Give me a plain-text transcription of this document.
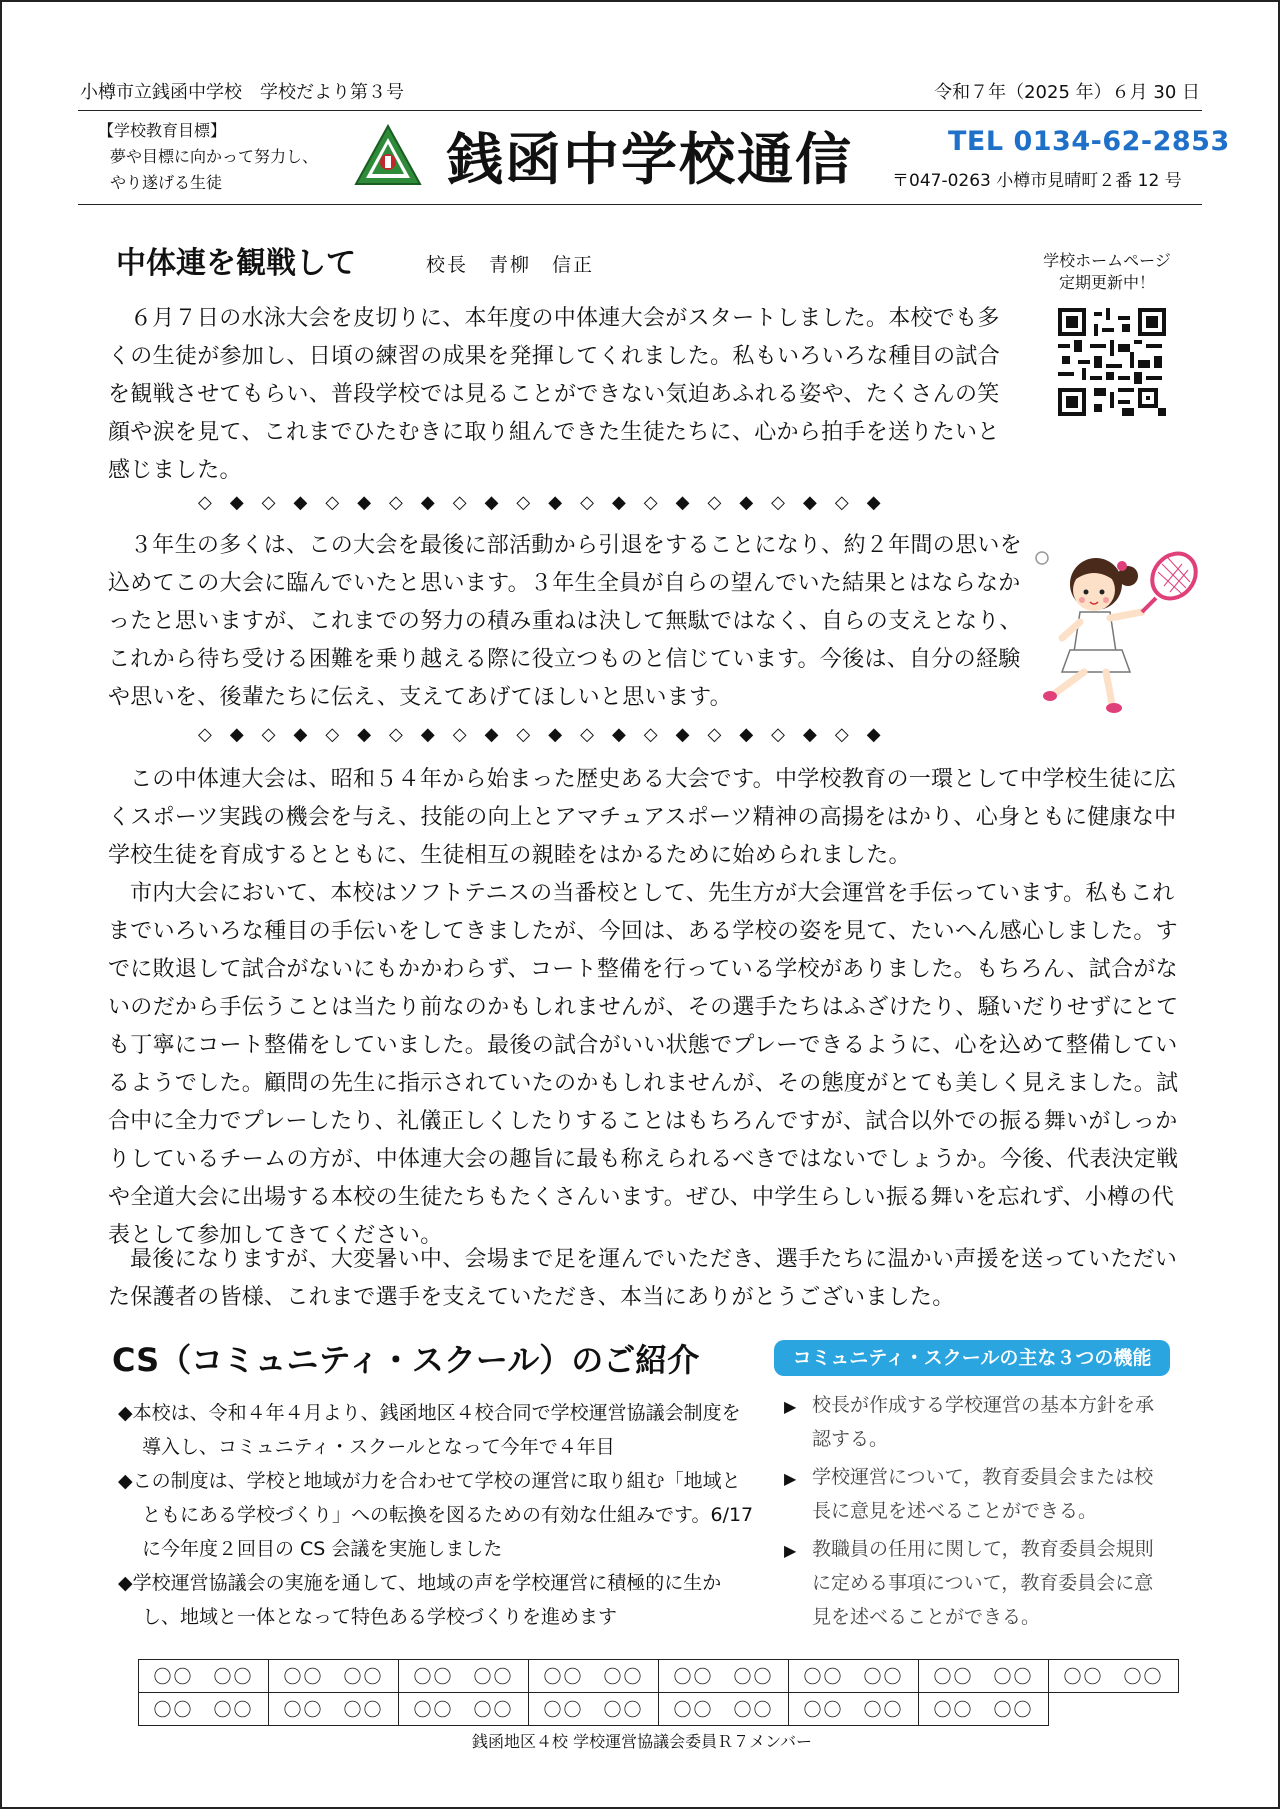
小樽市立銭函中学校　学校だより第３号	令和７年（2025 年）６月 30 日
【学校教育目標】
夢や目標に向かって努力し、
やり遂げる生徒	銭函中学校通信	TEL 0134-62-2853
〒047-0263 小樽市見晴町２番 12 号
中体連を観戦して	校長　青柳　信正	学校ホームページ
定期更新中！
６月７日の水泳大会を皮切りに、本年度の中体連大会がスタートしました。本校でも多くの生徒が参加し、日頃の練習の成果を発揮してくれました。私もいろいろな種目の試合を観戦させてもらい、普段学校では見ることができない気迫あふれる姿や、たくさんの笑顔や涙を見て、これまでひたむきに取り組んできた生徒たちに、心から拍手を送りたいと感じました。
◇◆◇◆◇◆◇◆◇◆◇◆◇◆◇◆◇◆◇◆◇◆
３年生の多くは、この大会を最後に部活動から引退をすることになり、約２年間の思いを込めてこの大会に臨んでいたと思います。３年生全員が自らの望んでいた結果とはならなかったと思いますが、これまでの努力の積み重ねは決して無駄ではなく、自らの支えとなり、これから待ち受ける困難を乗り越える際に役立つものと信じています。今後は、自分の経験や思いを、後輩たちに伝え、支えてあげてほしいと思います。
◇◆◇◆◇◆◇◆◇◆◇◆◇◆◇◆◇◆◇◆◇◆
この中体連大会は、昭和５４年から始まった歴史ある大会です。中学校教育の一環として中学校生徒に広くスポーツ実践の機会を与え、技能の向上とアマチュアスポーツ精神の高揚をはかり、心身ともに健康な中学校生徒を育成するとともに、生徒相互の親睦をはかるために始められました。
市内大会において、本校はソフトテニスの当番校として、先生方が大会運営を手伝っています。私もこれまでいろいろな種目の手伝いをしてきましたが、今回は、ある学校の姿を見て、たいへん感心しました。すでに敗退して試合がないにもかかわらず、コート整備を行っている学校がありました。もちろん、試合がないのだから手伝うことは当たり前なのかもしれませんが、その選手たちはふざけたり、騒いだりせずにとても丁寧にコート整備をしていました。最後の試合がいい状態でプレーできるように、心を込めて整備しているようでした。顧問の先生に指示されていたのかもしれませんが、その態度がとても美しく見えました。試合中に全力でプレーしたり、礼儀正しくしたりすることはもちろんですが、試合以外での振る舞いがしっかりしているチームの方が、中体連大会の趣旨に最も称えられるべきではないでしょうか。今後、代表決定戦や全道大会に出場する本校の生徒たちもたくさんいます。ぜひ、中学生らしい振る舞いを忘れず、小樽の代表として参加してきてください。
最後になりますが、大変暑い中、会場まで足を運んでいただき、選手たちに温かい声援を送っていただいた保護者の皆様、これまで選手を支えていただき、本当にありがとうございました。
CS（コミュニティ・スクール）のご紹介	コミュニティ・スクールの主な３つの機能
◆本校は、令和４年４月より、銭函地区４校合同で学校運営協議会制度を導入し、コミュニティ・スクールとなって今年で４年目
◆この制度は、学校と地域が力を合わせて学校の運営に取り組む「地域とともにある学校づくり」への転換を図るための有効な仕組みです。6/17 に今年度２回目の CS 会議を実施しました
◆学校運営協議会の実施を通して、地域の声を学校運営に積極的に生かし、地域と一体となって特色ある学校づくりを進めます
▶ 校長が作成する学校運営の基本方針を承認する。
▶ 学校運営について，教育委員会または校長に意見を述べることができる。
▶ 教職員の任用に関して，教育委員会規則に定める事項について，教育委員会に意見を述べることができる。
〇〇　〇〇	〇〇　〇〇	〇〇　〇〇	〇〇　〇〇	〇〇　〇〇	〇〇　〇〇	〇〇　〇〇	〇〇　〇〇
〇〇　〇〇	〇〇　〇〇	〇〇　〇〇	〇〇　〇〇	〇〇　〇〇	〇〇　〇〇	〇〇　〇〇	
銭函地区４校 学校運営協議会委員Ｒ７メンバー
